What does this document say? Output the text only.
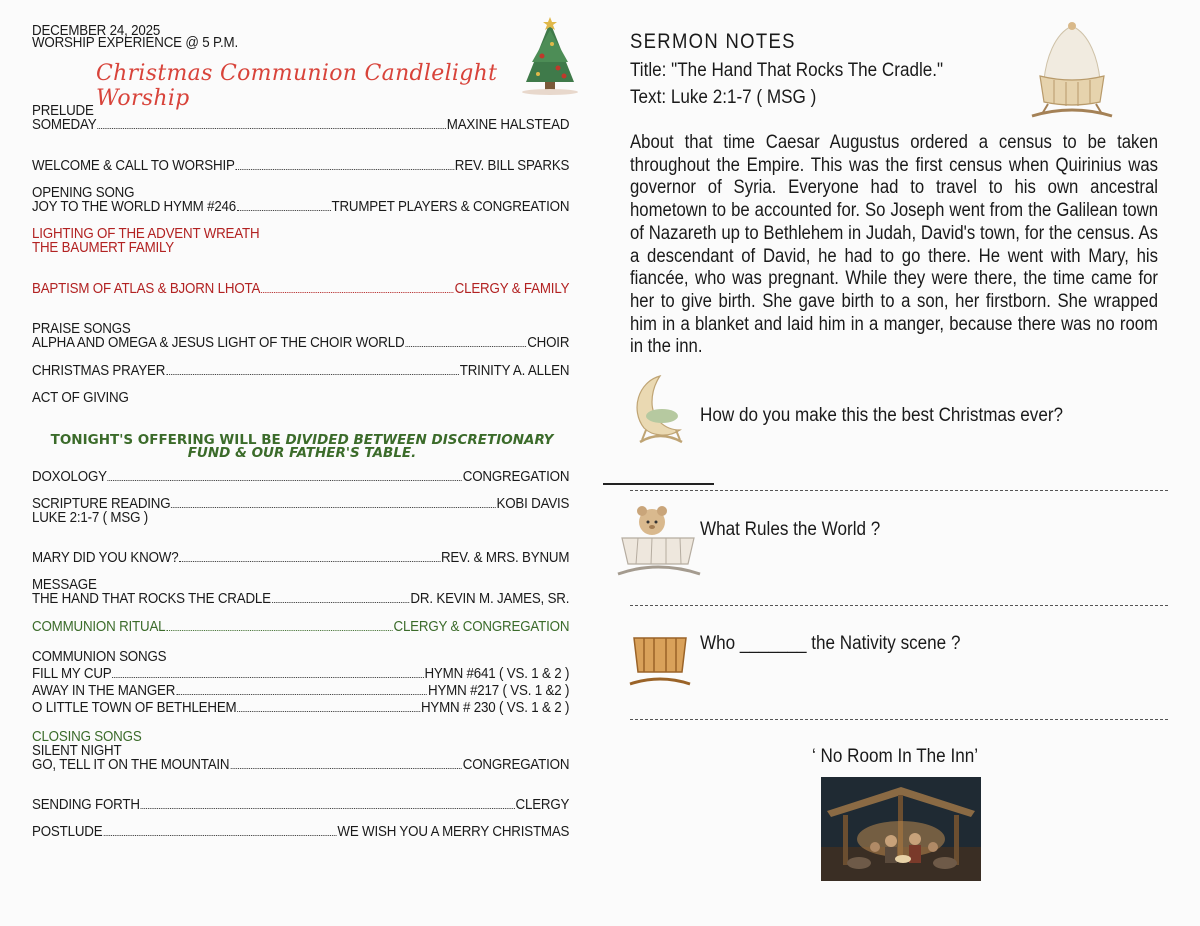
DECEMBER 24, 2025
WORSHIP EXPERIENCE @ 5 P.M.
Christmas Communion Candlelight Worship
PRELUDE
SOMEDAY	MAXINE HALSTEAD
WELCOME & CALL TO WORSHIP	REV. BILL SPARKS
OPENING SONG
JOY TO THE WORLD HYMM #246	TRUMPET PLAYERS & CONGREATION
LIGHTING OF THE ADVENT WREATH
THE BAUMERT FAMILY
BAPTISM OF ATLAS & BJORN LHOTA	CLERGY & FAMILY
PRAISE SONGS
ALPHA AND OMEGA & JESUS LIGHT OF THE CHOIR WORLD	CHOIR
CHRISTMAS PRAYER	TRINITY A. ALLEN
ACT OF GIVING
TONIGHT'S OFFERING WILL BE DIVIDED BETWEEN DISCRETIONARY
FUND & OUR FATHER'S TABLE.
DOXOLOGY	CONGREGATION
SCRIPTURE READING	KOBI DAVIS
LUKE 2:1-7 ( MSG )
MARY DID YOU KNOW?	REV. & MRS. BYNUM
MESSAGE
THE HAND THAT ROCKS THE CRADLE	DR. KEVIN M. JAMES, SR.
COMMUNION RITUAL	CLERGY & CONGREGATION
COMMUNION SONGS
FILL MY CUP	HYMN #641 ( VS. 1 & 2 )
AWAY IN THE MANGER	HYMN #217 ( VS. 1 &2 )
O LITTLE TOWN OF BETHLEHEM	HYMN # 230 ( VS. 1 & 2 )
CLOSING SONGS
SILENT NIGHT
GO, TELL IT ON THE MOUNTAIN	CONGREGATION
SENDING FORTH	CLERGY
POSTLUDE	WE WISH YOU A MERRY CHRISTMAS
SERMON NOTES
Title: "The Hand That Rocks The Cradle."
Text: Luke 2:1-7 ( MSG )
About that time Caesar Augustus ordered a census to be taken throughout the Empire. This was the first census when Quirinius was governor of Syria. Everyone had to travel to his own ancestral hometown to be accounted for. So Joseph went from the Galilean town of Nazareth up to Bethlehem in Judah, David's town, for the census. As a descendant of David, he had to go there. He went with Mary, his fiancée, who was pregnant. While they were there, the time came for her to give birth. She gave birth to a son, her firstborn. She wrapped him in a blanket and laid him in a manger, because there was no room in the inn.
How do you make this the best Christmas ever?
What Rules the World ?
Who _______ the Nativity scene ?
‘ No Room In The Inn’
